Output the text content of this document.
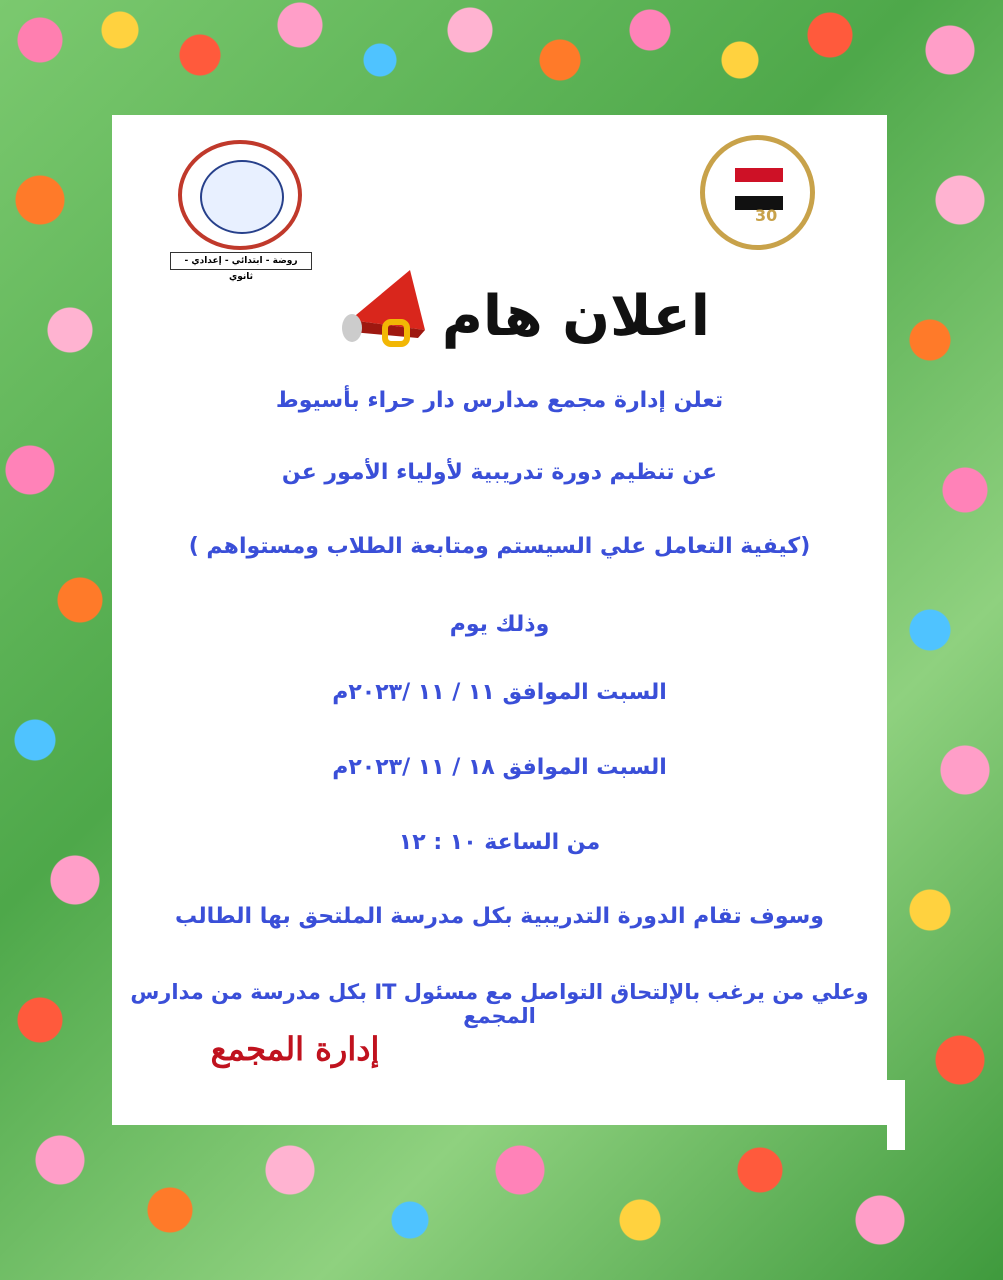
روضة - ابتدائي - إعدادي - ثانوي
30
اعلان هام
تعلن إدارة مجمع مدارس دار حراء بأسيوط
عن تنظيم دورة تدريبية لأولياء الأمور عن
(كيفية التعامل علي السيستم ومتابعة الطلاب ومستواهم )
وذلك يوم
السبت الموافق ١١ / ١١ /٢٠٢٣م
السبت الموافق ١٨ / ١١ /٢٠٢٣م
من الساعة ١٠ : ١٢
وسوف تقام الدورة التدريبية بكل مدرسة الملتحق بها الطالب
وعلي من يرغب بالإلتحاق التواصل مع مسئول IT بكل مدرسة من مدارس المجمع
إدارة المجمع
